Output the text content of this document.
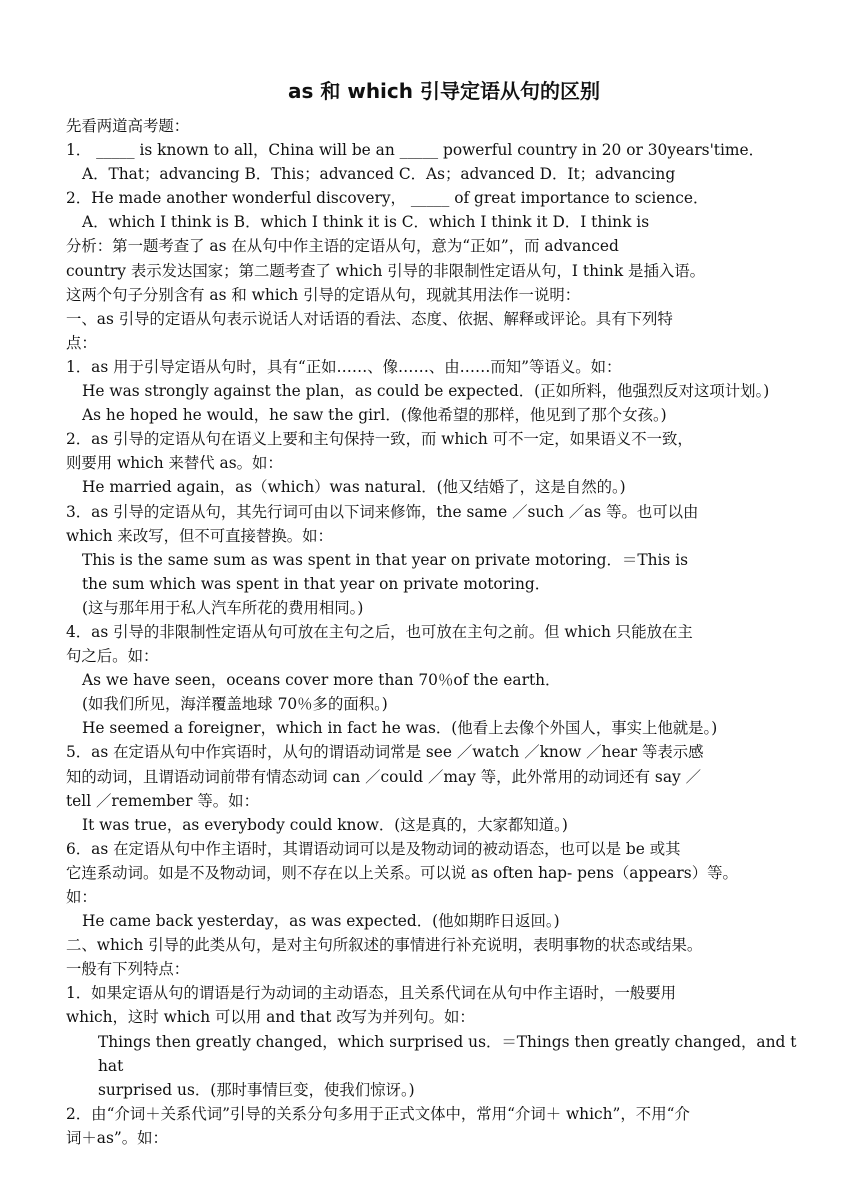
as 和 which 引导定语从句的区别

先看两道高考题：

1． _____ is known to all，China will be an _____ powerful country in 20 or 30years'time．

A．That；advancing B．This；advanced C．As；advanced D．It；advancing

2．He made another wonderful discovery， _____ of great importance to science．

A．which I think is B．which I think it is C．which I think it D．I think is

分析：第一题考查了 as 在从句中作主语的定语从句，意为“正如”，而 advanced

country 表示发达国家；第二题考查了 which 引导的非限制性定语从句，I think 是插入语。

这两个句子分别含有 as 和 which 引导的定语从句，现就其用法作一说明：

一、as 引导的定语从句表示说话人对话语的看法、态度、依据、解释或评论。具有下列特

点：

1．as 用于引导定语从句时，具有“正如……、像……、由……而知”等语义。如：

He was strongly against the plan，as could be expected．(正如所料，他强烈反对这项计划。)

As he hoped he would，he saw the girl．(像他希望的那样，他见到了那个女孩。)

2．as 引导的定语从句在语义上要和主句保持一致，而 which 可不一定，如果语义不一致，

则要用 which 来替代 as。如：

He married again，as（which）was natural．(他又结婚了，这是自然的。)

3．as 引导的定语从句，其先行词可由以下词来修饰，the same ／such ／as 等。也可以由

which 来改写，但不可直接替换。如：

This is the same sum as was spent in that year on private motoring．＝This is

the sum which was spent in that year on private motoring．

(这与那年用于私人汽车所花的费用相同。)

4．as 引导的非限制性定语从句可放在主句之后，也可放在主句之前。但 which 只能放在主

句之后。如：

As we have seen，oceans cover more than 70％of the earth．

(如我们所见，海洋覆盖地球 70％多的面积。)

He seemed a foreigner，which in fact he was．(他看上去像个外国人，事实上他就是。)

5．as 在定语从句中作宾语时，从句的谓语动词常是 see ／watch ／know ／hear 等表示感

知的动词，且谓语动词前带有情态动词 can ／could ／may 等，此外常用的动词还有 say ／

tell ／remember 等。如：

It was true，as everybody could know．(这是真的，大家都知道。)

6．as 在定语从句中作主语时，其谓语动词可以是及物动词的被动语态，也可以是 be 或其

它连系动词。如是不及物动词，则不存在以上关系。可以说 as often hap- pens（appears）等。

如：

He came back yesterday，as was expected．(他如期昨日返回。)

二、which 引导的此类从句，是对主句所叙述的事情进行补充说明，表明事物的状态或结果。

一般有下列特点：

1．如果定语从句的谓语是行为动词的主动语态，且关系代词在从句中作主语时，一般要用

which，这时 which 可以用 and that 改写为并列句。如：

Things then greatly changed，which surprised us．＝Things then greatly changed，and that

surprised us．(那时事情巨变，使我们惊讶。)

2．由“介词＋关系代词”引导的关系分句多用于正式文体中，常用“介词＋ which”，不用“介

词＋as”。如：
